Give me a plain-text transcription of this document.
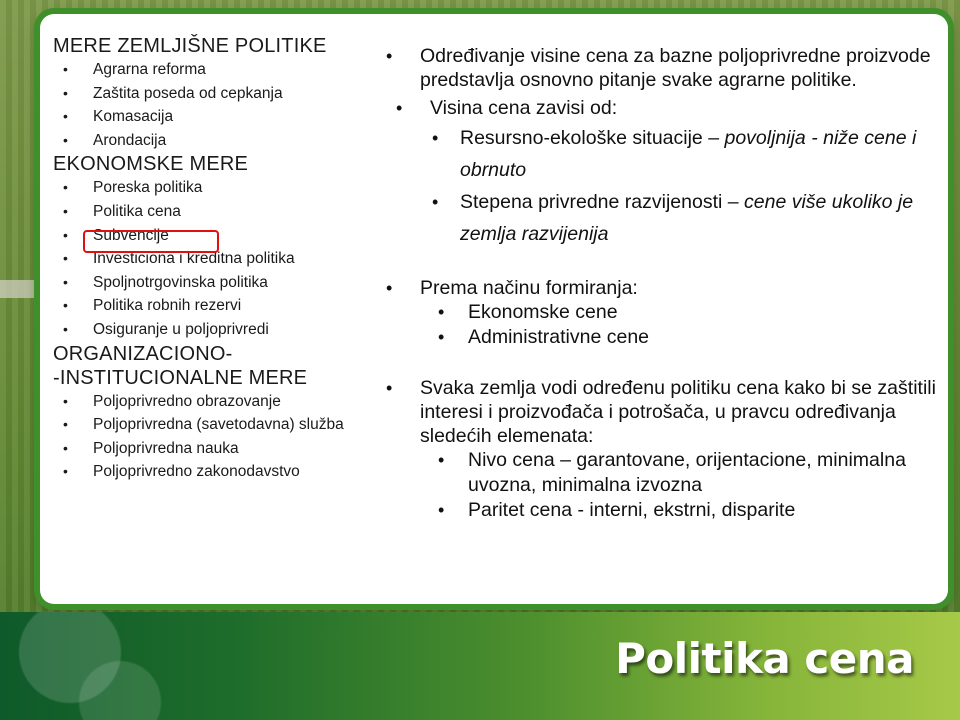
MERE ZEMLJIŠNE POLITIKE

• Agrarna reforma
• Zaštita poseda od cepkanja
• Komasacija
• Arondacija

EKONOMSKE MERE

• Poreska politika
• Politika cena
• Subvencije
• Investiciona i kreditna politika
• Spoljnotrgovinska politika
• Politika robnih rezervi
• Osiguranje u poljoprivredi

ORGANIZACIONO-

-INSTITUCIONALNE MERE

• Poljoprivredno obrazovanje
• Poljoprivredna (savetodavna) služba
• Poljoprivredna nauka
• Poljoprivredno zakonodavstvo

• Određivanje visine cena za bazne poljoprivredne proizvode predstavlja osnovno pitanje svake agrarne politike.

• Visina cena zavisi od:

• Resursno-ekološke situacije – povoljnija - niže cene i obrnuto

• Stepena privredne razvijenosti – cene više ukoliko je zemlja razvijenija

• Prema načinu formiranja:

• Ekonomske cene

• Administrativne cene

• Svaka zemlja vodi određenu politiku cena kako bi se zaštitili interesi i proizvođača i potrošača, u pravcu određivanja sledećih elemenata:

• Nivo cena – garantovane, orijentacione, minimalna uvozna, minimalna izvozna

• Paritet cena - interni, ekstrni, disparite

Politika cena
